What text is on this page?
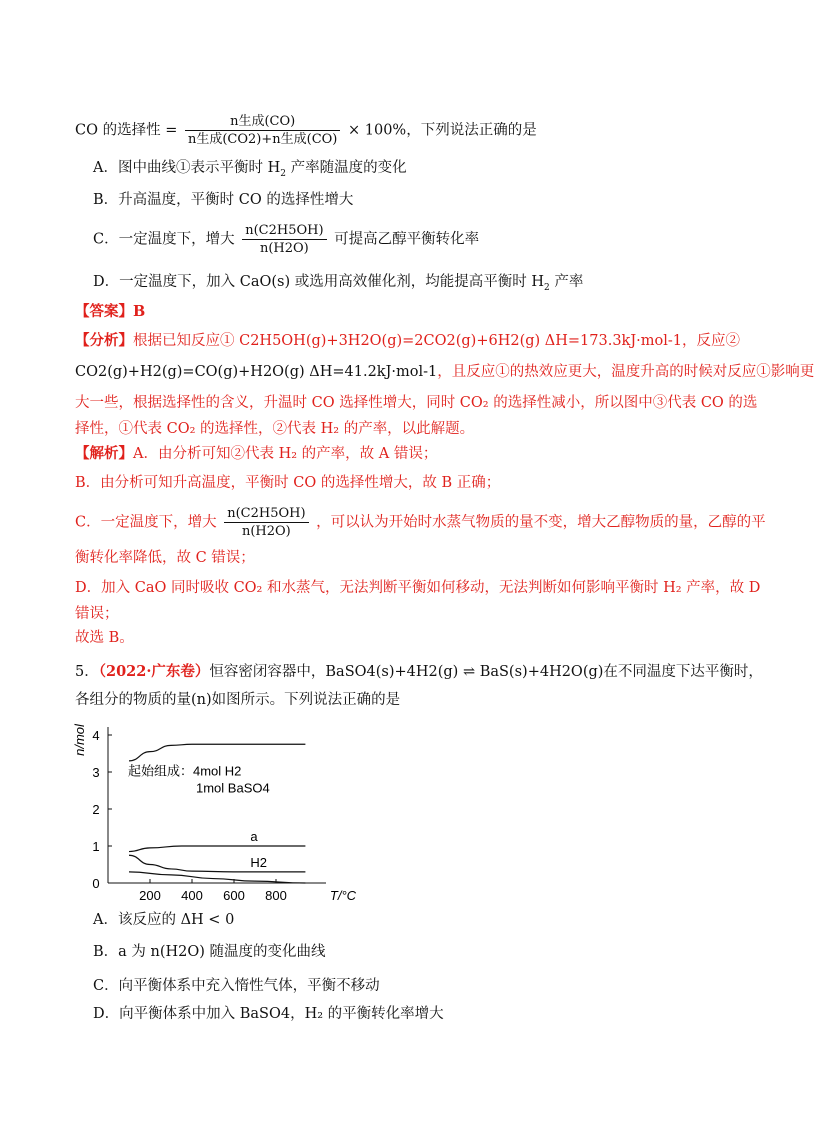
CO 的选择性 = $\frac{\text{n生成(CO)}}{\text{n生成(CO2)+n生成(CO)}} \times 100\%$，下列说法正确的是
A．图中曲线①表示平衡时 $H_2$ 产率随温度的变化
B．升高温度，平衡时 CO 的选择性增大
C．一定温度下，增大 $\frac{n(C2H5OH)}{n(H2O)}$ 可提高乙醇平衡转化率
D．一定温度下，加入 CaO(s) 或选用高效催化剂，均能提高平衡时 $H_2$ 产率
【答案】B
【分析】根据已知反应① C2H5OH(g)+3H2O(g)=2CO2(g)+6H2(g) ΔH=173.3kJ·mol-1，反应②
CO2(g)+H2(g)=CO(g)+H2O(g) ΔH=41.2kJ·mol-1，且反应①的热效应更大，温度升高的时候对反应①影响更
大一些，根据选择性的含义，升温时 CO 选择性增大，同时 CO₂ 的选择性减小，所以图中③代表 CO 的选
择性，①代表 CO₂ 的选择性，②代表 H₂ 的产率，以此解题。
【解析】A．由分析可知②代表 H₂ 的产率，故 A 错误；
B．由分析可知升高温度，平衡时 CO 的选择性增大，故 B 正确；
C．一定温度下，增大 $\frac{n(C2H5OH)}{n(H2O)}$ ，可以认为开始时水蒸气物质的量不变，增大乙醇物质的量，乙醇的平
衡转化率降低，故 C 错误；
D．加入 CaO 同时吸收 CO₂ 和水蒸气，无法判断平衡如何移动，无法判断如何影响平衡时 H₂ 产率，故 D
错误；
故选 B。
5．（2022·广东卷）恒容密闭容器中，BaSO4(s)+4H2(g) ⇌ BaS(s)+4H2O(g)在不同温度下达平衡时，
各组分的物质的量(n)如图所示。下列说法正确的是
0
1
2
3
4
200 400 600 800	T/°C
n/mol
a
H2
起始组成：4mol H2
1mol BaSO4
A．该反应的 ΔH < 0
B．a 为 n(H2O) 随温度的变化曲线
C．向平衡体系中充入惰性气体，平衡不移动
D．向平衡体系中加入 BaSO4，H₂ 的平衡转化率增大
